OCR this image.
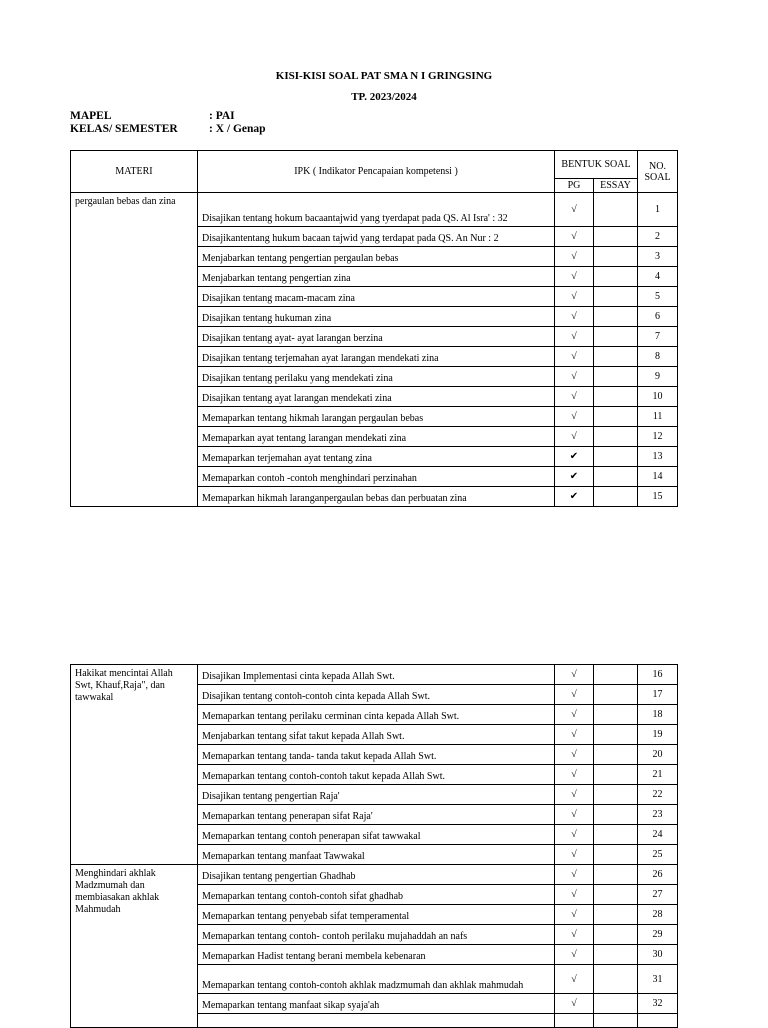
KISI-KISI SOAL PAT SMA N I GRINGSING
TP. 2023/2024
MAPEL	: PAI
KELAS/ SEMESTER	: X / Genap
MATERI	IPK ( Indikator Pencapaian kompetensi )	BENTUK SOAL		NO. SOAL
		PG	ESSAY	
pergaulan bebas dan zina	Disajikan tentang hokum bacaantajwid yang tyerdapat pada QS. Al Isra' : 32	√		1
	Disajikantentang hukum bacaan tajwid yang terdapat pada QS. An Nur : 2	√		2
	Menjabarkan tentang pengertian pergaulan bebas	√		3
	Menjabarkan tentang pengertian zina	√		4
	Disajikan tentang macam-macam zina	√		5
	Disajikan tentang hukuman zina	√		6
	Disajikan tentang ayat- ayat larangan berzina	√		7
	Disajikan tentang terjemahan ayat larangan mendekati zina	√		8
	Disajikan tentang perilaku yang mendekati zina	√		9
	Disajikan tentang ayat larangan mendekati zina	√		10
	Memaparkan tentang hikmah larangan pergaulan bebas	√		11
	Memaparkan ayat tentang larangan mendekati zina	√		12
	Memaparkan terjemahan ayat tentang zina	✔		13
	Memaparkan contoh -contoh menghindari perzinahan	✔		14
	Memaparkan hikmah laranganpergaulan bebas dan perbuatan zina	✔		15
Hakikat mencintai Allah Swt, Khauf,Raja", dan tawwakal	Disajikan Implementasi cinta kepada Allah Swt.	√		16
	Disajikan tentang contoh-contoh cinta kepada Allah Swt.	√		17
	Memaparkan tentang perilaku cerminan cinta kepada Allah Swt.	√		18
	Menjabarkan tentang sifat takut kepada Allah Swt.	√		19
	Memaparkan tentang tanda- tanda takut kepada Allah Swt.	√		20
	Memaparkan tentang contoh-contoh takut kepada Allah Swt.	√		21
	Disajikan tentang pengertian Raja'	√		22
	Memaparkan tentang penerapan sifat Raja'	√		23
	Memaparkan tentang contoh penerapan sifat tawwakal	√		24
	Memaparkan tentang manfaat Tawwakal	√		25
Menghindari akhlak Madzmumah dan membiasakan akhlak Mahmudah	Disajikan tentang pengertian Ghadhab	√		26
	Memaparkan tentang contoh-contoh sifat ghadhab	√		27
	Memaparkan tentang penyebab sifat temperamental	√		28
	Memaparkan tentang contoh- contoh perilaku mujahaddah an nafs	√		29
	Memaparkan Hadist tentang berani membela kebenaran	√		30
	Memaparkan tentang contoh-contoh akhlak madzmumah dan akhlak mahmudah	√		31
	Memaparkan tentang manfaat sikap syaja'ah	√		32
